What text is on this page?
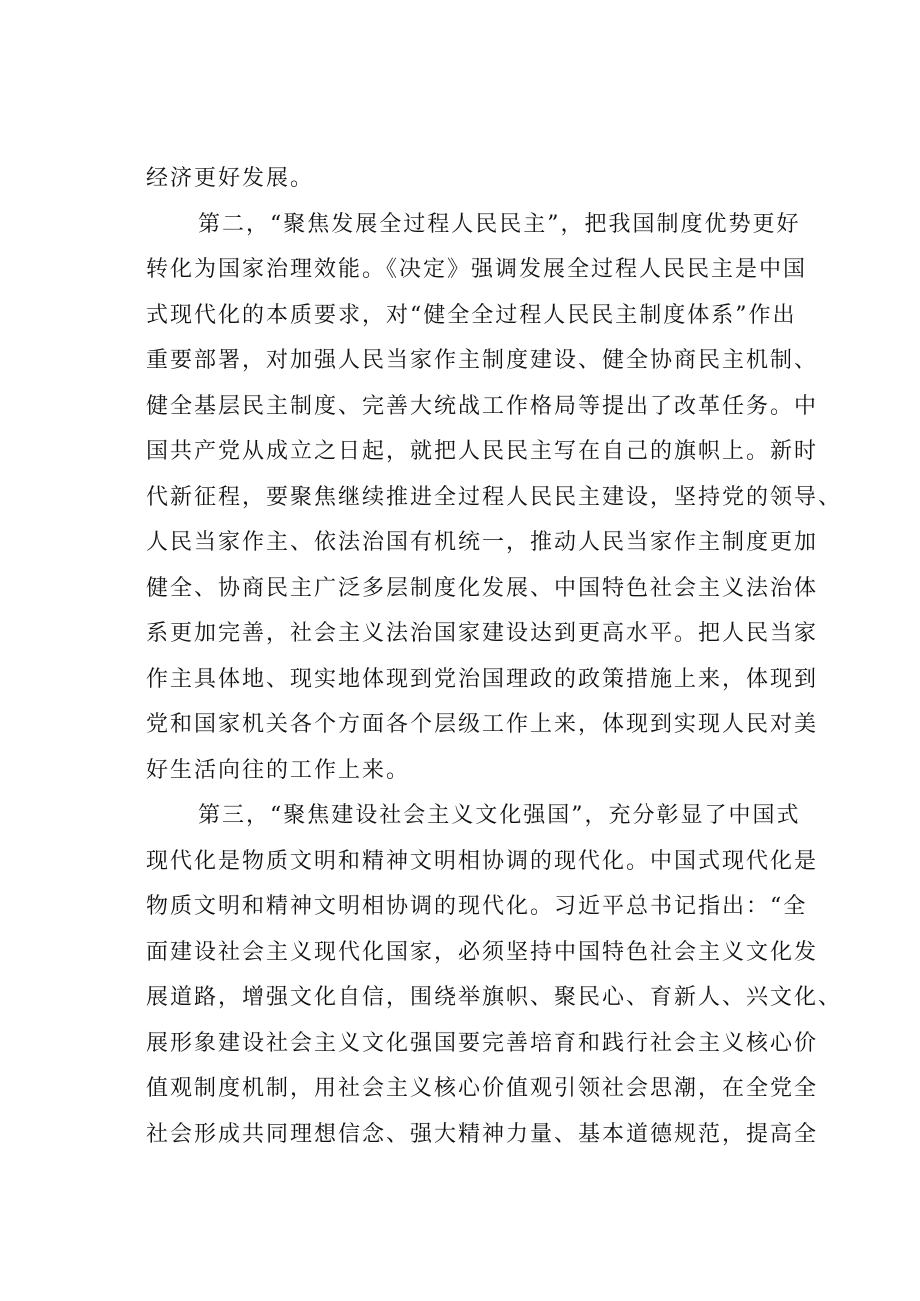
经济更好发展。
第二，“聚焦发展全过程人民民主”，把我国制度优势更好
转化为国家治理效能。《决定》强调发展全过程人民民主是中国
式现代化的本质要求，对“健全全过程人民民主制度体系”作出
重要部署，对加强人民当家作主制度建设、健全协商民主机制、
健全基层民主制度、完善大统战工作格局等提出了改革任务。中
国共产党从成立之日起，就把人民民主写在自己的旗帜上。新时
代新征程，要聚焦继续推进全过程人民民主建设，坚持党的领导、
人民当家作主、依法治国有机统一，推动人民当家作主制度更加
健全、协商民主广泛多层制度化发展、中国特色社会主义法治体
系更加完善，社会主义法治国家建设达到更高水平。把人民当家
作主具体地、现实地体现到党治国理政的政策措施上来，体现到
党和国家机关各个方面各个层级工作上来，体现到实现人民对美
好生活向往的工作上来。
第三，“聚焦建设社会主义文化强国”，充分彰显了中国式
现代化是物质文明和精神文明相协调的现代化。中国式现代化是
物质文明和精神文明相协调的现代化。习近平总书记指出：“全
面建设社会主义现代化国家，必须坚持中国特色社会主义文化发
展道路，增强文化自信，围绕举旗帜、聚民心、育新人、兴文化、
展形象建设社会主义文化强国要完善培育和践行社会主义核心价
值观制度机制，用社会主义核心价值观引领社会思潮，在全党全
社会形成共同理想信念、强大精神力量、基本道德规范，提高全
